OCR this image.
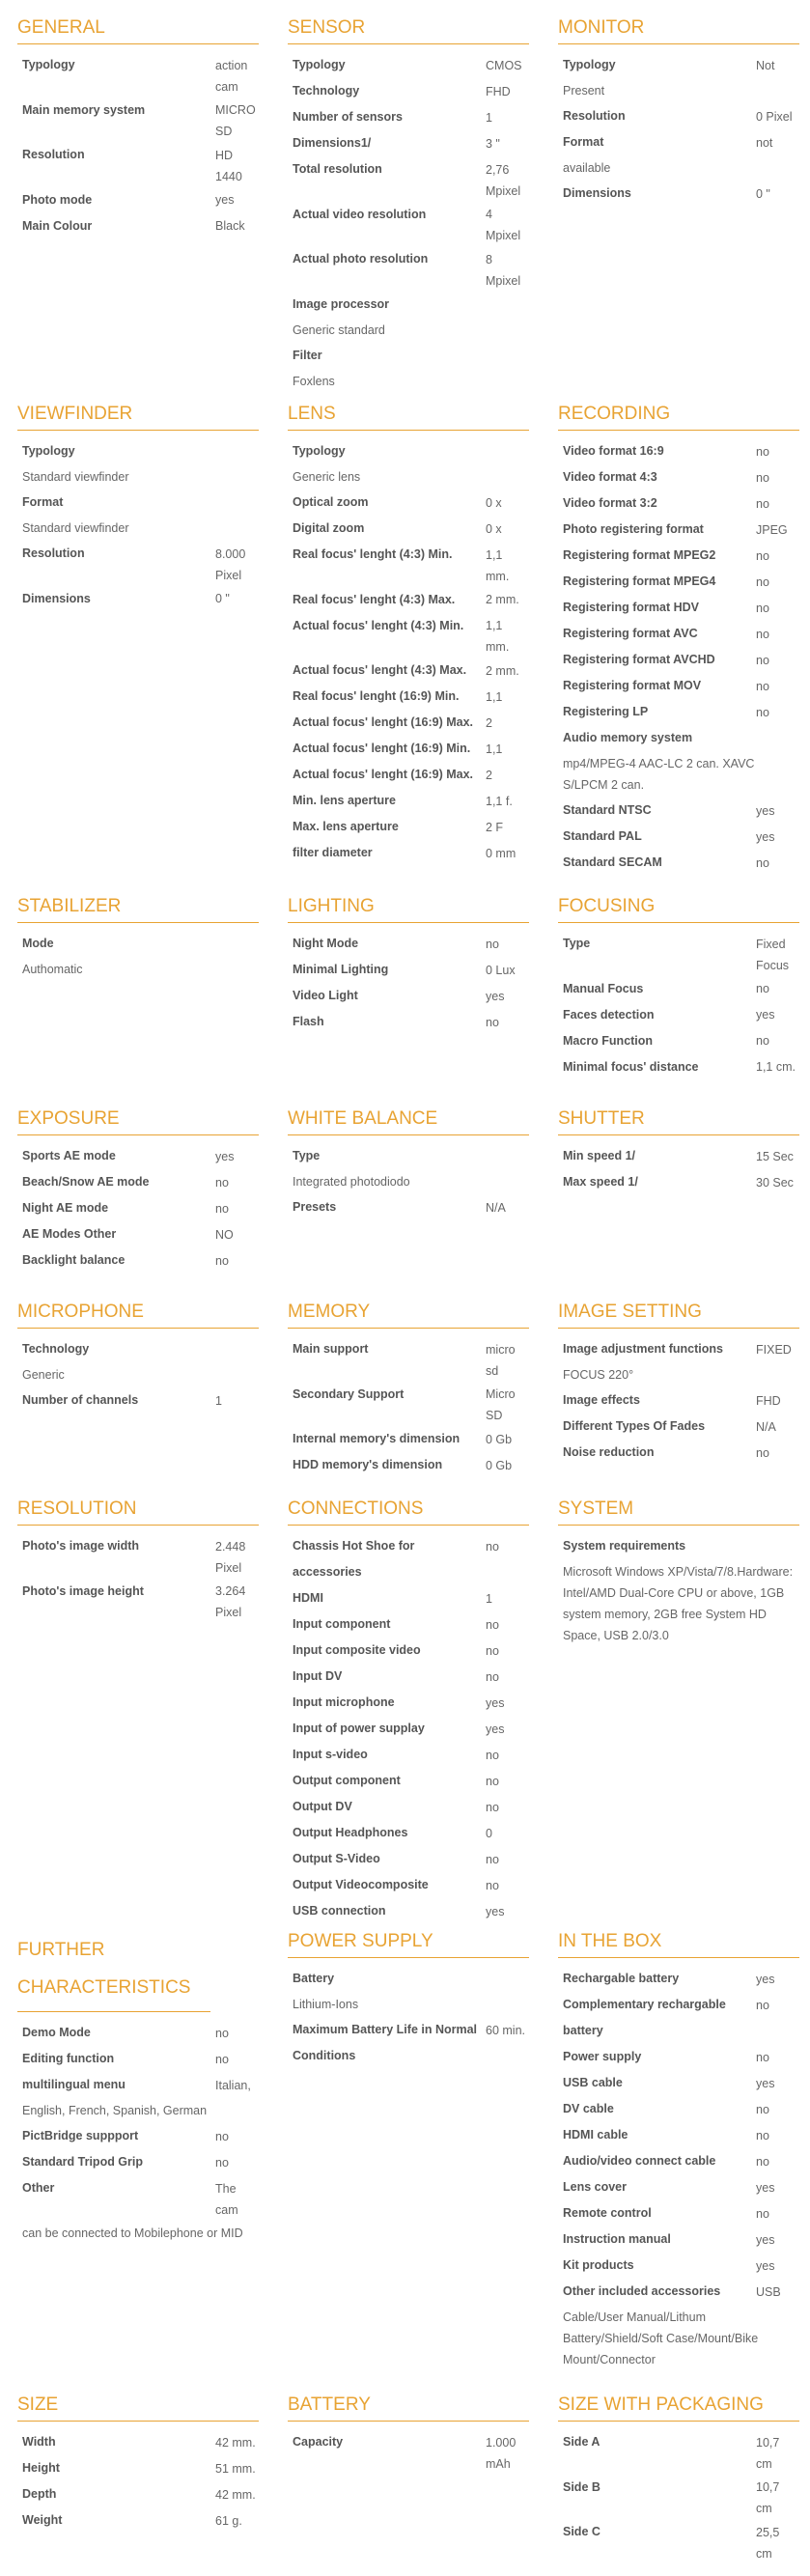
GENERAL
Typology	action cam
Main memory system	MICRO SD
Resolution	HD 1440
Photo mode	yes
Main Colour	Black
SENSOR
Typology	CMOS
Technology	FHD
Number of sensors	1
Dimensions1/	3 "
Total resolution	2,76 Mpixel
Actual video resolution	4 Mpixel
Actual photo resolution	8 Mpixel
Image processor
Generic standard
Filter
Foxlens
MONITOR
Typology	Not
Present
Resolution	0 Pixel
Format	not
available
Dimensions	0 "
VIEWFINDER
Typology
Standard viewfinder
Format
Standard viewfinder
Resolution	8.000 Pixel
Dimensions	0 "
LENS
Typology
Generic lens
Optical zoom	0 x
Digital zoom	0 x
Real focus' lenght (4:3) Min.	1,1 mm.
Real focus' lenght (4:3) Max.	2 mm.
Actual focus' lenght (4:3) Min.	1,1 mm.
Actual focus' lenght (4:3) Max.	2 mm.
Real focus' lenght (16:9) Min.	1,1
Actual focus' lenght (16:9) Max.	2
Actual focus' lenght (16:9) Min.	1,1
Actual focus' lenght (16:9) Max.	2
Min. lens aperture	1,1 f.
Max. lens aperture	2 F
filter diameter	0 mm
RECORDING
Video format 16:9	no
Video format 4:3	no
Video format 3:2	no
Photo registering format	JPEG
Registering format MPEG2	no
Registering format MPEG4	no
Registering format HDV	no
Registering format AVC	no
Registering format AVCHD	no
Registering format MOV	no
Registering LP	no
Audio memory system
mp4/MPEG-4 AAC-LC 2 can. XAVC S/LPCM 2 can.
Standard NTSC	yes
Standard PAL	yes
Standard SECAM	no
STABILIZER
Mode
Authomatic
LIGHTING
Night Mode	no
Minimal Lighting	0 Lux
Video Light	yes
Flash	no
FOCUSING
Type	Fixed Focus
Manual Focus	no
Faces detection	yes
Macro Function	no
Minimal focus' distance	1,1 cm.
EXPOSURE
Sports AE mode	yes
Beach/Snow AE mode	no
Night AE mode	no
AE Modes Other	NO
Backlight balance	no
WHITE BALANCE
Type
Integrated photodiodo
Presets	N/A
SHUTTER
Min speed 1/	15 Sec
Max speed 1/	30 Sec
MICROPHONE
Technology
Generic
Number of channels	1
MEMORY
Main support	micro sd
Secondary Support	Micro SD
Internal memory's dimension	0 Gb
HDD memory's dimension	0 Gb
IMAGE SETTING
Image adjustment functions	FIXED
FOCUS 220°
Image effects	FHD
Different Types Of Fades	N/A
Noise reduction	no
RESOLUTION
Photo's image width	2.448 Pixel
Photo's image height	3.264 Pixel
CONNECTIONS
Chassis Hot Shoe for accessories
no
HDMI	1
Input component	no
Input composite video	no
Input DV	no
Input microphone	yes
Input of power supplay	yes
Input s-video	no
Output component	no
Output DV	no
Output Headphones	0
Output S-Video	no
Output Videocomposite	no
USB connection	yes
SYSTEM
System requirements
Microsoft Windows XP/Vista/7/8.Hardware: Intel/AMD Dual-Core CPU or above, 1GB system memory, 2GB free System HD Space, USB 2.0/3.0
FURTHER CHARACTERISTICS
Demo Mode	no
Editing function	no
multilingual menu	Italian,
English, French, Spanish, German
PictBridge suppport	no
Standard Tripod Grip	no
Other	The cam
can be connected to Mobilephone or MID
POWER SUPPLY
Battery
Lithium-Ions
Maximum Battery Life in Normal Conditions
60 min.
IN THE BOX
Rechargable battery	yes
Complementary rechargable battery
no
Power supply	no
USB cable	yes
DV cable	no
HDMI cable	no
Audio/video connect cable	no
Lens cover	yes
Remote control	no
Instruction manual	yes
Kit products	yes
Other included accessories	USB
Cable/User Manual/Lithum Battery/Shield/Soft Case/Mount/Bike Mount/Connector
SIZE
Width	42 mm.
Height	51 mm.
Depth	42 mm.
Weight	61 g.
BATTERY
Capacity	1.000 mAh
SIZE WITH PACKAGING
Side A	10,7 cm
Side B	10,7 cm
Side C	25,5 cm
